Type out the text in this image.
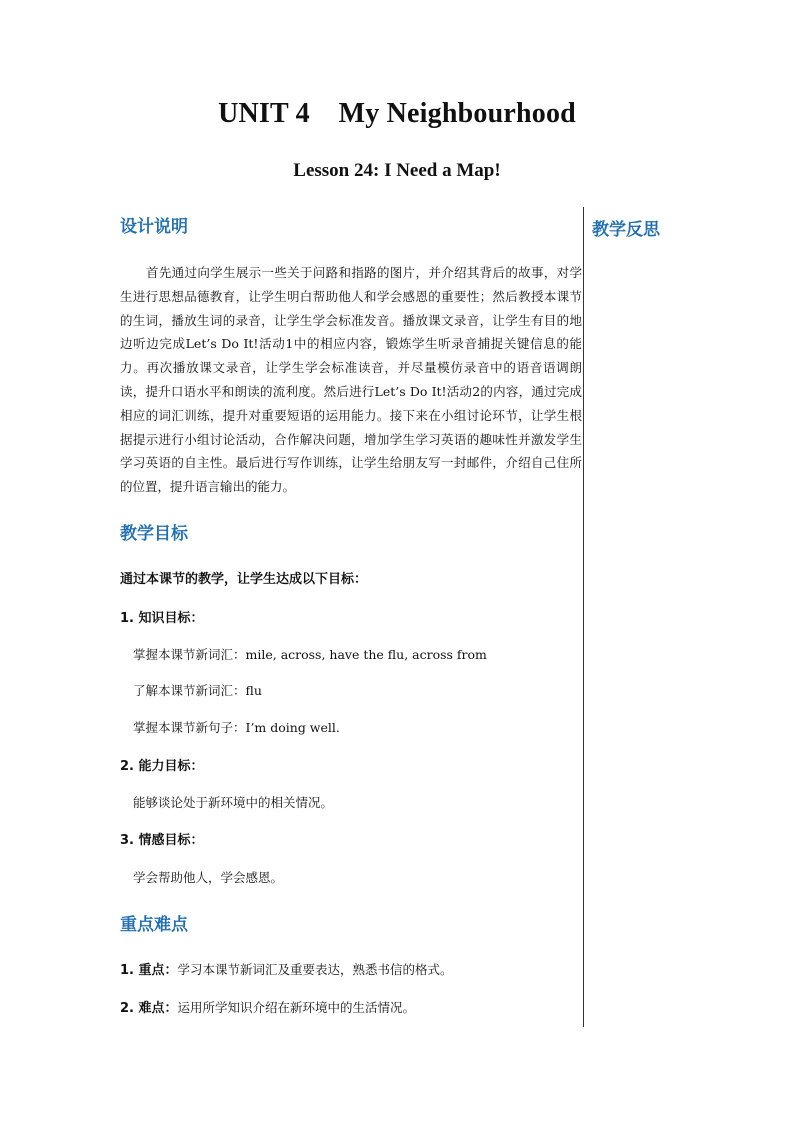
UNIT 4    My Neighbourhood
Lesson 24: I Need a Map!
教学反思
设计说明
首先通过向学生展示一些关于问路和指路的图片，并介绍其背后的故事，对学生进行思想品德教育，让学生明白帮助他人和学会感恩的重要性；然后教授本课节的生词，播放生词的录音，让学生学会标准发音。播放课文录音，让学生有目的地边听边完成Let’s Do It!活动1中的相应内容，锻炼学生听录音捕捉关键信息的能力。再次播放课文录音，让学生学会标准读音，并尽量模仿录音中的语音语调朗读，提升口语水平和朗读的流利度。然后进行Let’s Do It!活动2的内容，通过完成相应的词汇训练，提升对重要短语的运用能力。接下来在小组讨论环节，让学生根据提示进行小组讨论活动，合作解决问题，增加学生学习英语的趣味性并激发学生学习英语的自主性。最后进行写作训练，让学生给朋友写一封邮件，介绍自己住所的位置，提升语言输出的能力。
教学目标
通过本课节的教学，让学生达成以下目标：
1. 知识目标：
掌握本课节新词汇：mile, across, have the flu, across from
了解本课节新词汇：flu
掌握本课节新句子：I’m doing well.
2. 能力目标：
能够谈论处于新环境中的相关情况。
3. 情感目标：
学会帮助他人，学会感恩。
重点难点
1. 重点：学习本课节新词汇及重要表达，熟悉书信的格式。
2. 难点：运用所学知识介绍在新环境中的生活情况。
